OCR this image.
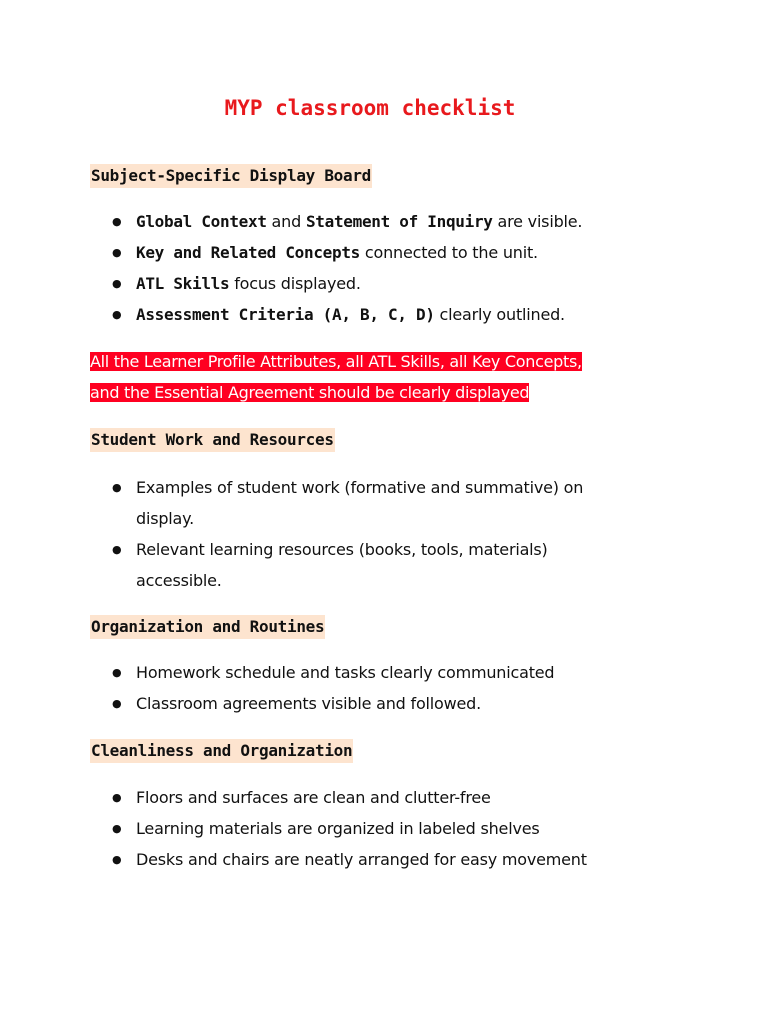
MYP classroom checklist
Subject-Specific Display Board
● Global Context and Statement of Inquiry are visible.
● Key and Related Concepts connected to the unit.
● ATL Skills focus displayed.
● Assessment Criteria (A, B, C, D) clearly outlined.
All the Learner Profile Attributes, all ATL Skills, all Key Concepts,
and the Essential Agreement should be clearly displayed
Student Work and Resources
● Examples of student work (formative and summative) on display.
● Relevant learning resources (books, tools, materials) accessible.
Organization and Routines
● Homework schedule and tasks clearly communicated
● Classroom agreements visible and followed.
Cleanliness and Organization
● Floors and surfaces are clean and clutter-free
● Learning materials are organized in labeled shelves
● Desks and chairs are neatly arranged for easy movement
